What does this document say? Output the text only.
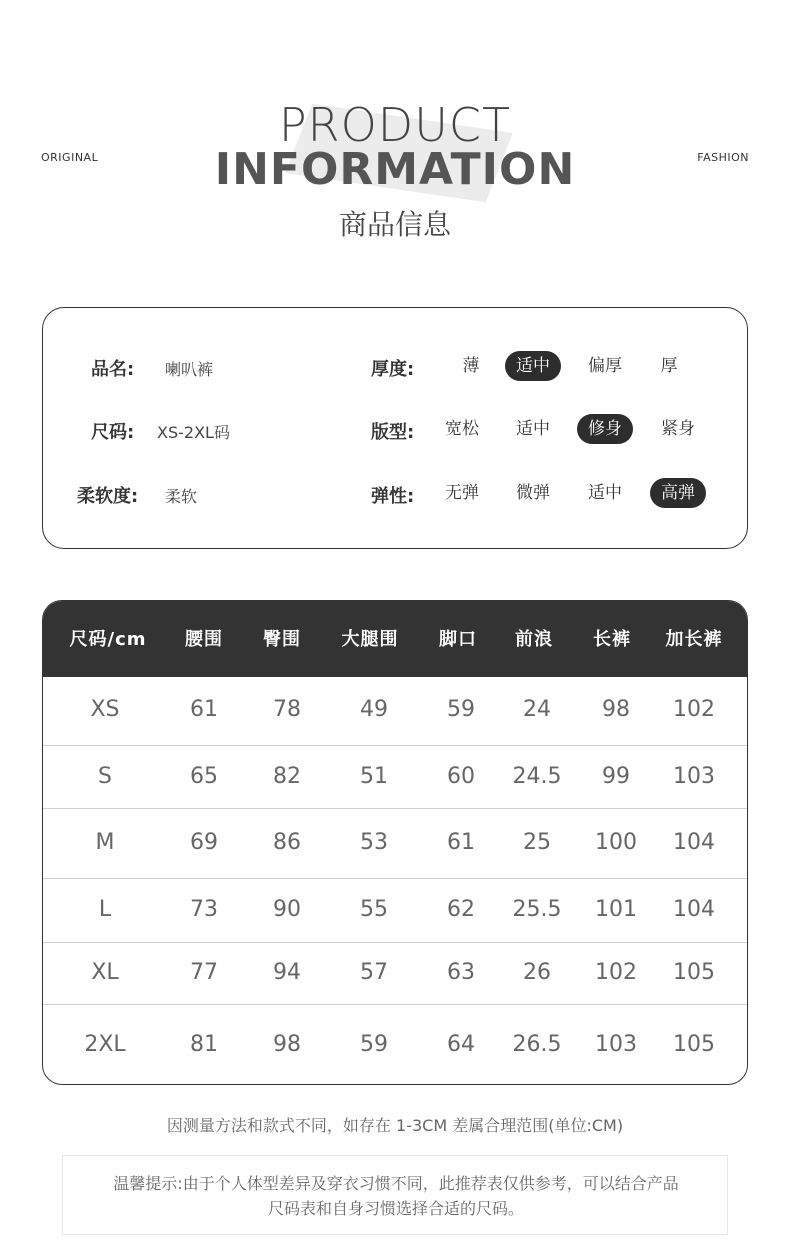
ORIGINAL	FASHION
PRODUCT
INFORMATION
商品信息
品名: 喇叭裤	厚度:	薄	适中	偏厚	厚
尺码: XS-2XL码	版型:	宽松	适中	修身	紧身
柔软度: 柔软	弹性:	无弹	微弹	适中	高弹
尺码/cm	腰围	臀围	大腿围	脚口	前浪	长裤	加长裤
XS	61	78	49	59	24	98	102
S	65	82	51	60	24.5	99	103
M	69	86	53	61	25	100	104
L	73	90	55	62	25.5	101	104
XL	77	94	57	63	26	102	105
2XL	81	98	59	64	26.5	103	105
因测量方法和款式不同，如存在 1-3CM 差属合理范围(单位:CM)
温馨提示:由于个人体型差异及穿衣习惯不同，此推荐表仅供参考，可以结合产品
尺码表和自身习惯选择合适的尺码。
